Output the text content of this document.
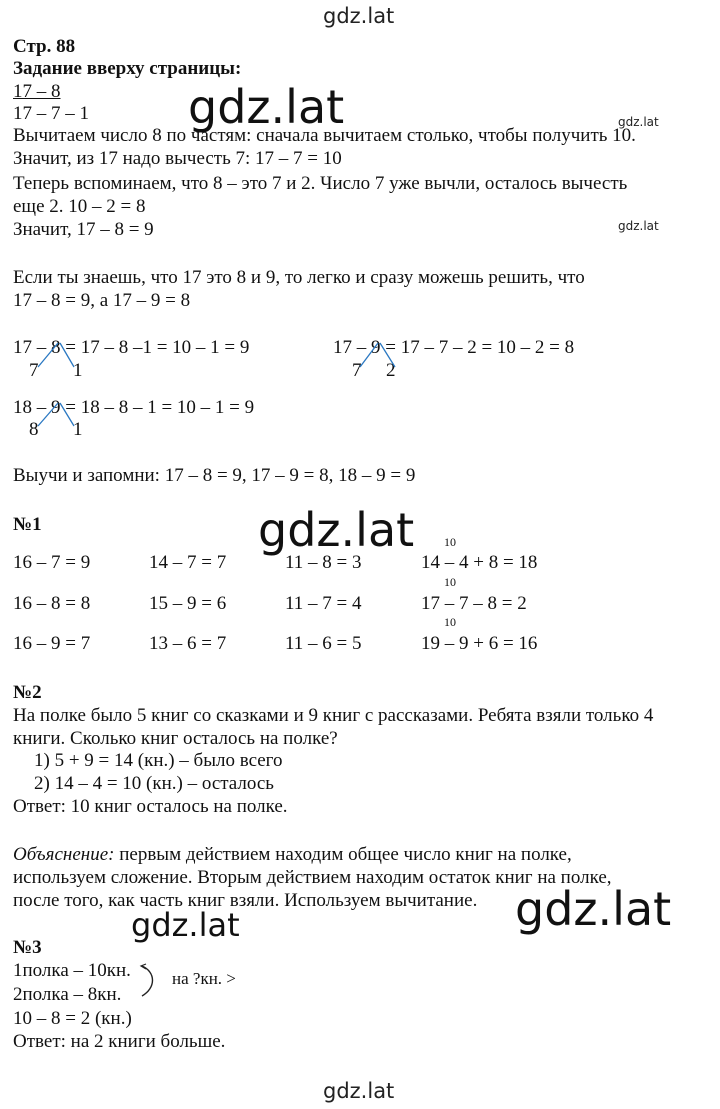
gdz.lat
gdz.lat	gdz.lat
gdz.lat
gdz.lat
gdz.lat
gdz.lat
gdz.lat
Стр. 88
Задание вверху страницы:
17 – 8
17 – 7 – 1
Вычитаем число 8 по частям: сначала вычитаем столько, чтобы получить 10.
Значит, из 17 надо вычесть 7: 17 – 7 = 10
Теперь вспоминаем, что 8 – это 7 и 2. Число 7 уже вычли, осталось вычесть
еще 2. 10 – 2 = 8
Значит, 17 – 8 = 9
Если ты знаешь, что 17 это 8 и 9, то легко и сразу можешь решить, что
17 – 8 = 9, а 17 – 9 = 8
17 – 8 = 17 – 8 –1 = 10 – 1 = 9
7 1
17 – 9 = 17 – 7 – 2 = 10 – 2 = 8
7 2
18 – 9 = 18 – 8 – 1 = 10 – 1 = 9
8 1
Выучи и запомни: 17 – 8 = 9, 17 – 9 = 8, 18 – 9 = 9
№1
10
10
10
16 – 7 = 9	14 – 7 = 7	11 – 8 = 3	14 – 4 + 8 = 18
16 – 8 = 8	15 – 9 = 6	11 – 7 = 4	17 – 7 – 8 = 2
16 – 9 = 7	13 – 6 = 7	11 – 6 = 5	19 – 9 + 6 = 16
№2
На полке было 5 книг со сказками и 9 книг с рассказами. Ребята взяли только 4
книги. Сколько книг осталось на полке?
1) 5 + 9 = 14 (кн.) – было всего
2) 14 – 4 = 10 (кн.) – осталось
Ответ: 10 книг осталось на полке.
Объяснение: первым действием находим общее число книг на полке,
используем сложение. Вторым действием находим остаток книг на полке,
после того, как часть книг взяли. Используем вычитание.
№3
1полка – 10кн.
2полка – 8кн.
на ?кн. >
10 – 8 = 2 (кн.)
Ответ: на 2 книги больше.
